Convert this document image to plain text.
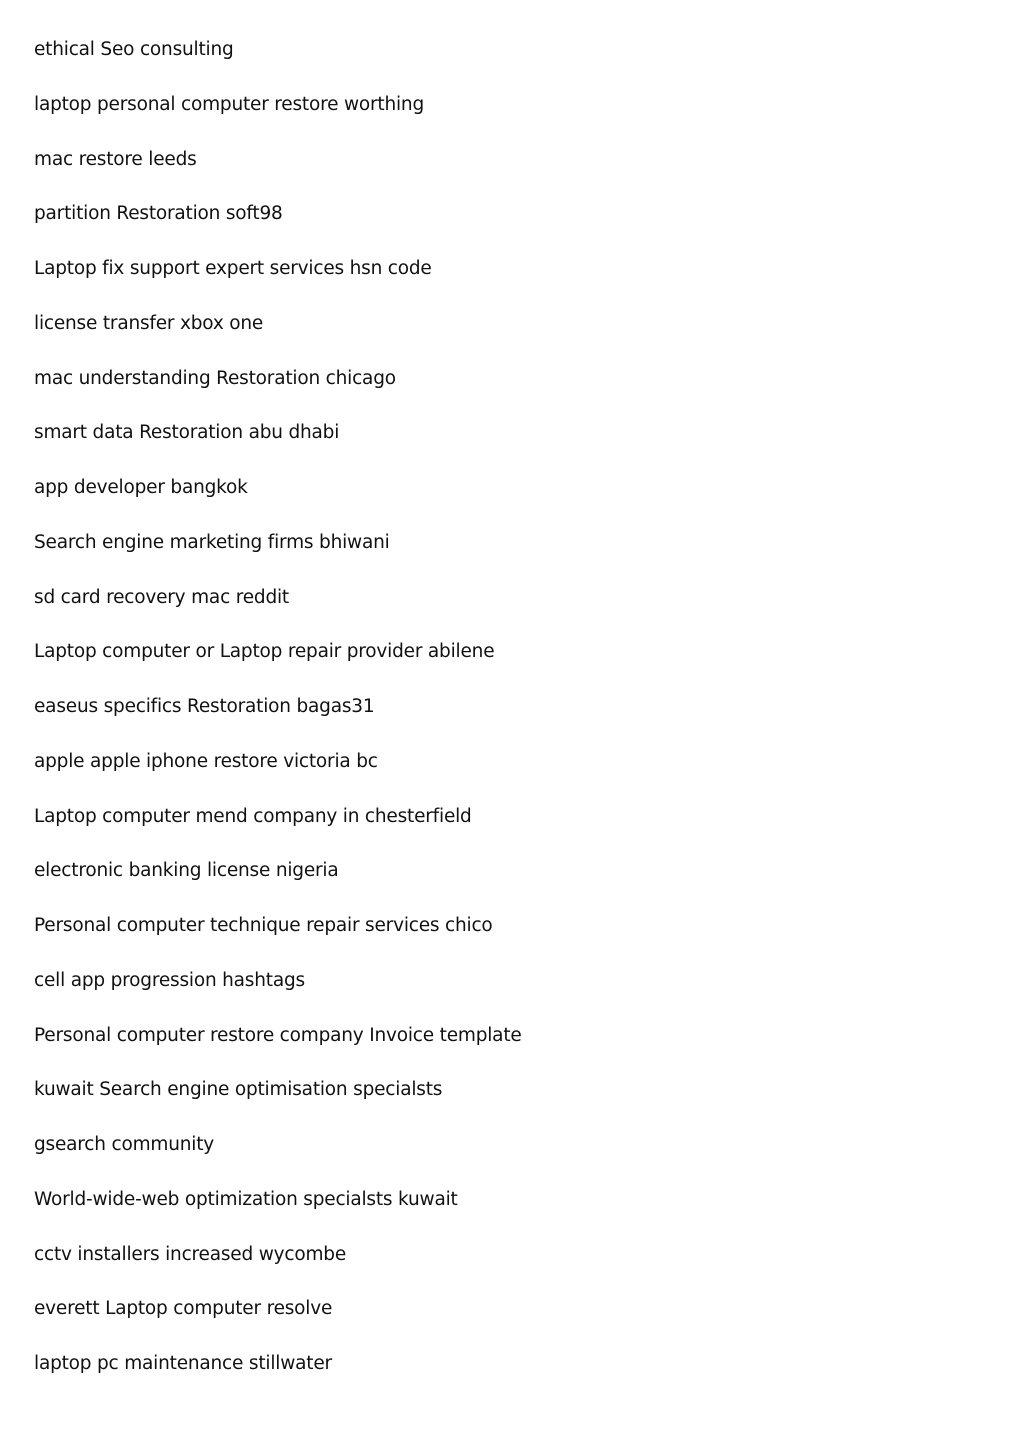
ethical Seo consulting
laptop personal computer restore worthing
mac restore leeds
partition Restoration soft98
Laptop fix support expert services hsn code
license transfer xbox one
mac understanding Restoration chicago
smart data Restoration abu dhabi
app developer bangkok
Search engine marketing firms bhiwani
sd card recovery mac reddit
Laptop computer or Laptop repair provider abilene
easeus specifics Restoration bagas31
apple apple iphone restore victoria bc
Laptop computer mend company in chesterfield
electronic banking license nigeria
Personal computer technique repair services chico
cell app progression hashtags
Personal computer restore company Invoice template
kuwait Search engine optimisation specialsts
gsearch community
World-wide-web optimization specialsts kuwait
cctv installers increased wycombe
everett Laptop computer resolve
laptop pc maintenance stillwater
